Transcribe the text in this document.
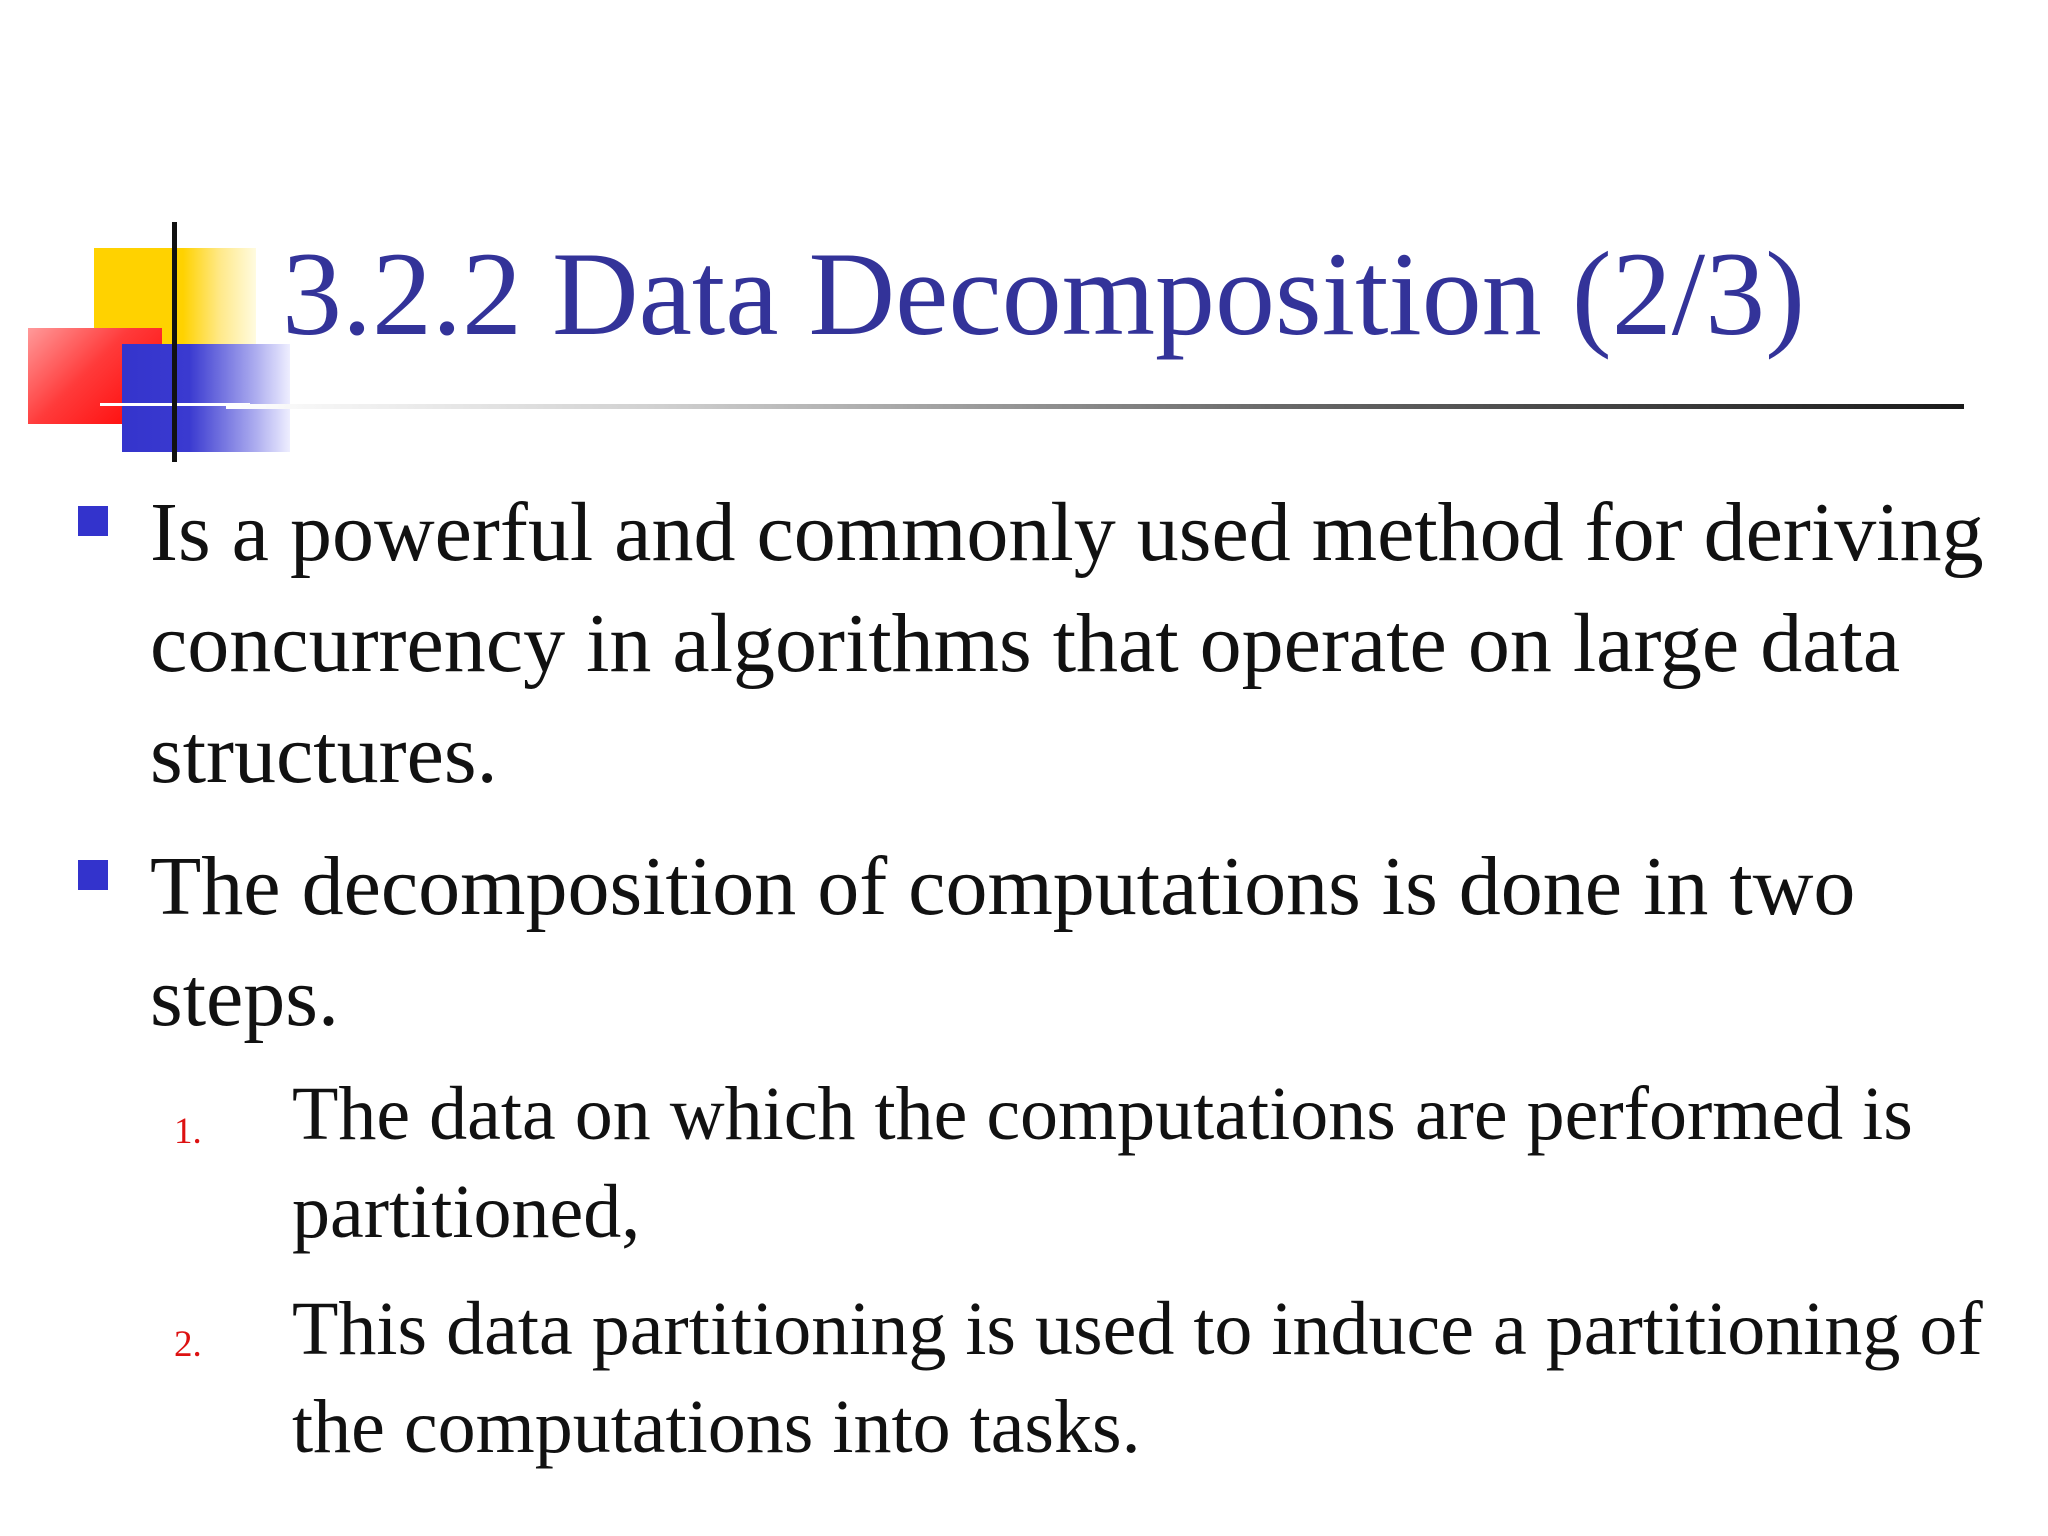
3.2.2 Data Decomposition (2/3)

Is a powerful and commonly used method for deriving concurrency in algorithms that operate on large data structures.

The decomposition of computations is done in two steps.

1. The data on which the computations are performed is partitioned,

2. This data partitioning is used to induce a partitioning of the computations into tasks.
